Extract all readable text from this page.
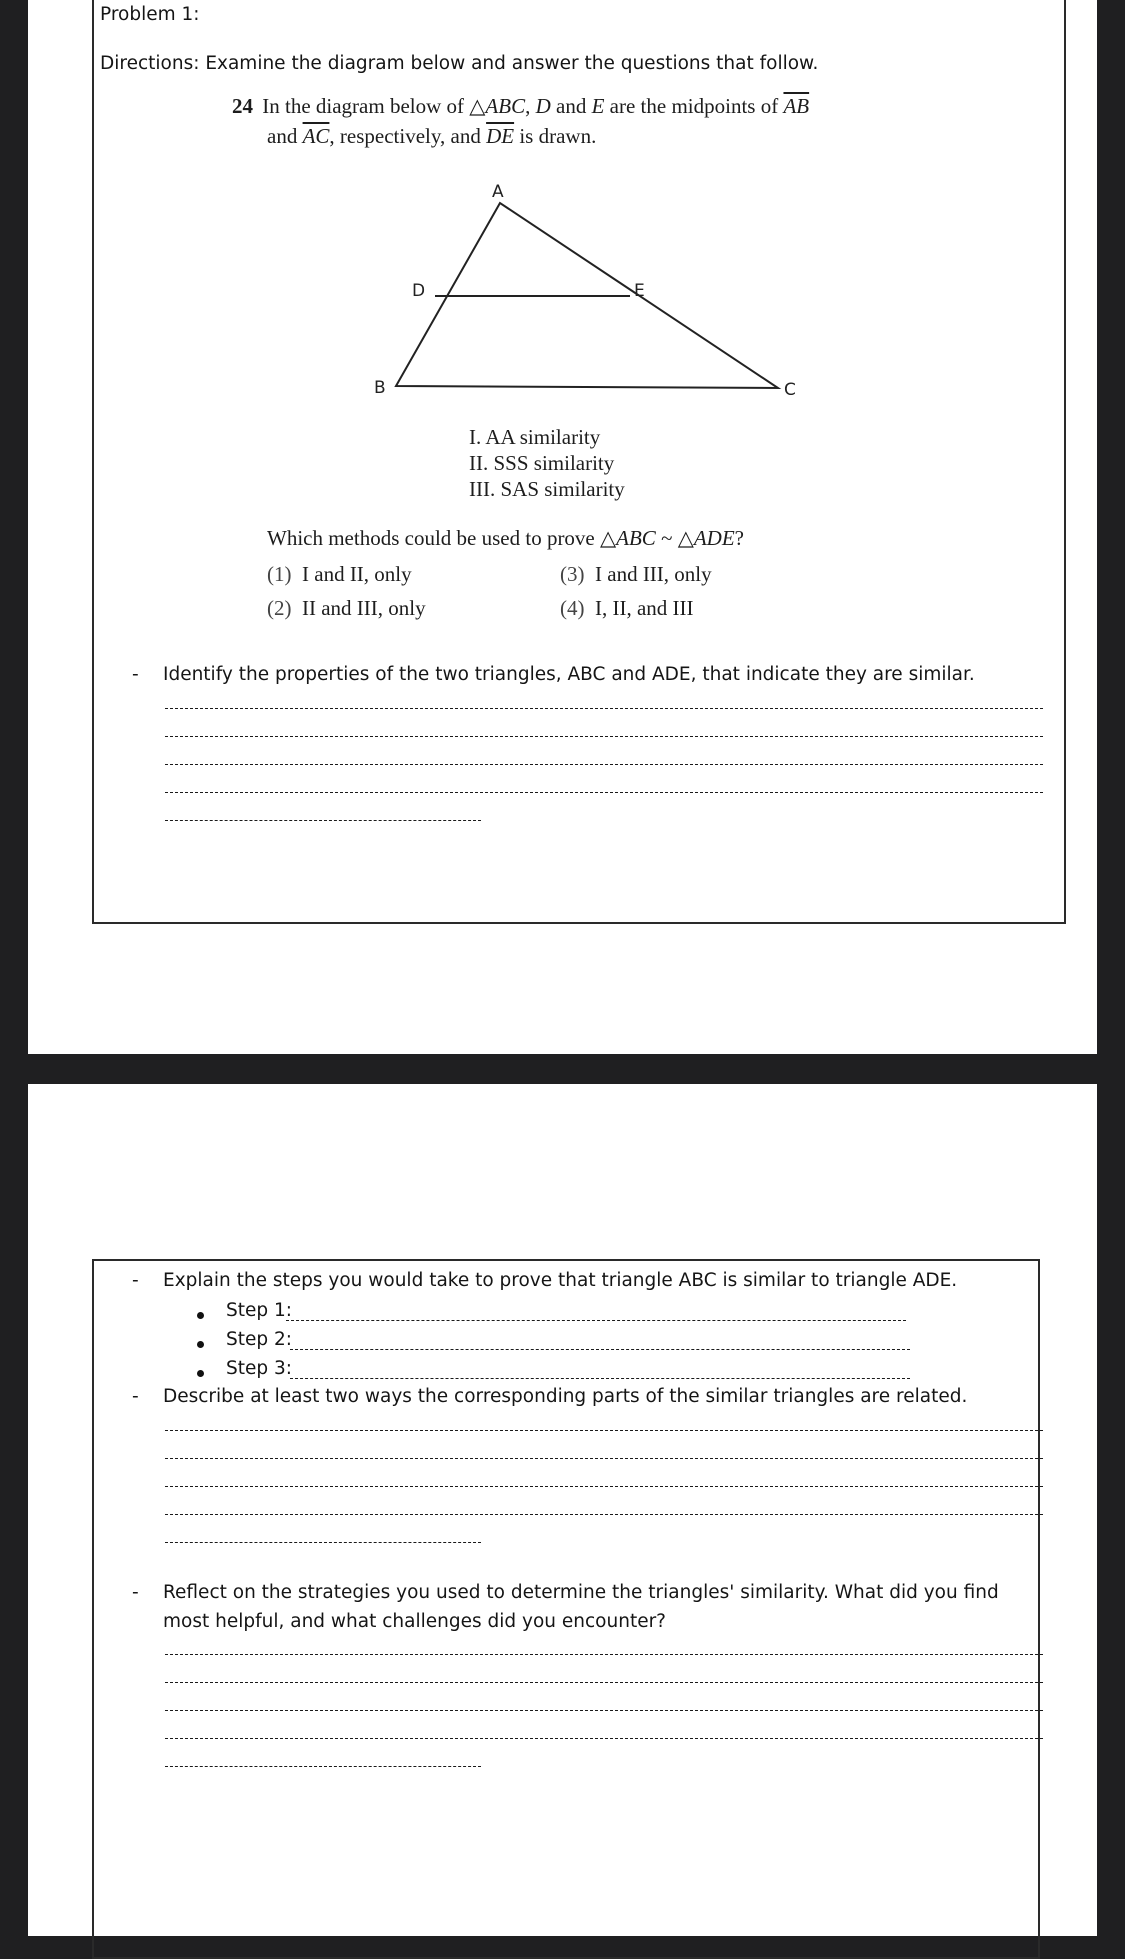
Problem 1:
Directions: Examine the diagram below and answer the questions that follow.
24 In the diagram below of △ABC, D and E are the midpoints of $\overline{AB}$
and $\overline{AC}$, respectively, and $\overline{DE}$ is drawn.
A
D	E
B	C
I. AA similarity
II. SSS similarity
III. SAS similarity
Which methods could be used to prove △ABC ~ △ADE?
(1) I and II, only	(3) I and III, only
(2) II and III, only	(4) I, II, and III
- Identify the properties of the two triangles, ABC and ADE, that indicate they are similar.
- Explain the steps you would take to prove that triangle ABC is similar to triangle ADE.
Step 1:
Step 2:
Step 3:
- Describe at least two ways the corresponding parts of the similar triangles are related.
- Reflect on the strategies you used to determine the triangles' similarity. What did you find
most helpful, and what challenges did you encounter?
